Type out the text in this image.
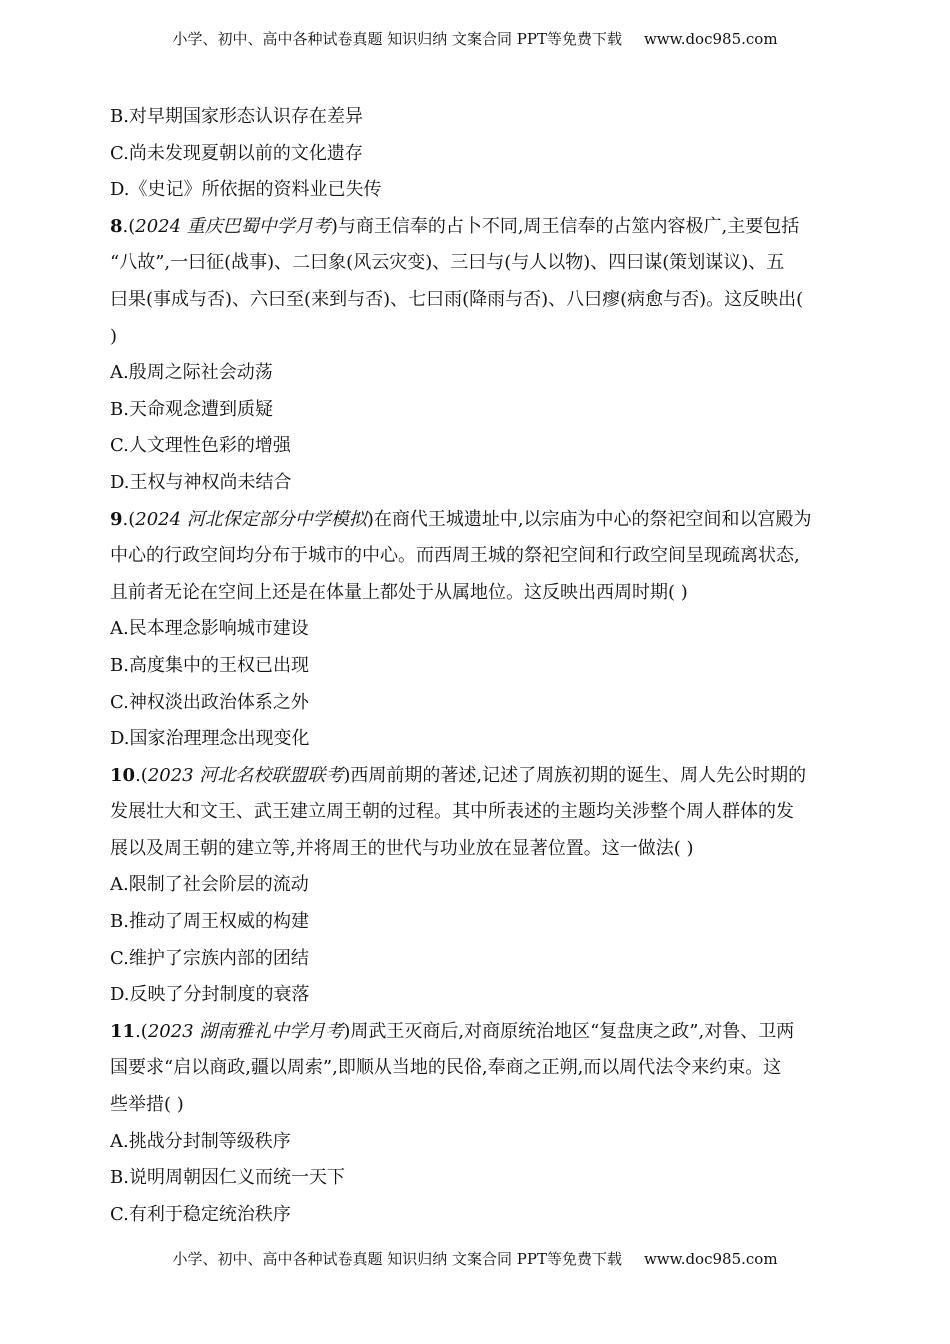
小学、初中、高中各种试卷真题 知识归纳 文案合同 PPT等免费下载 www.doc985.com
B.对早期国家形态认识存在差异
C.尚未发现夏朝以前的文化遗存
D.《史记》所依据的资料业已失传
8.(2024 重庆巴蜀中学月考)与商王信奉的占卜不同,周王信奉的占筮内容极广,主要包括
“八故”,一曰征(战事)、二曰象(风云灾变)、三曰与(与人以物)、四曰谋(策划谋议)、五
曰果(事成与否)、六曰至(来到与否)、七曰雨(降雨与否)、八曰瘳(病愈与否)。这反映出(
)
A.殷周之际社会动荡
B.天命观念遭到质疑
C.人文理性色彩的增强
D.王权与神权尚未结合
9.(2024 河北保定部分中学模拟)在商代王城遗址中,以宗庙为中心的祭祀空间和以宫殿为
中心的行政空间均分布于城市的中心。而西周王城的祭祀空间和行政空间呈现疏离状态,
且前者无论在空间上还是在体量上都处于从属地位。这反映出西周时期( )
A.民本理念影响城市建设
B.高度集中的王权已出现
C.神权淡出政治体系之外
D.国家治理理念出现变化
10.(2023 河北名校联盟联考)西周前期的著述,记述了周族初期的诞生、周人先公时期的
发展壮大和文王、武王建立周王朝的过程。其中所表述的主题均关涉整个周人群体的发
展以及周王朝的建立等,并将周王的世代与功业放在显著位置。这一做法( )
A.限制了社会阶层的流动
B.推动了周王权威的构建
C.维护了宗族内部的团结
D.反映了分封制度的衰落
11.(2023 湖南雅礼中学月考)周武王灭商后,对商原统治地区“复盘庚之政”,对鲁、卫两
国要求“启以商政,疆以周索”,即顺从当地的民俗,奉商之正朔,而以周代法令来约束。这
些举措( )
A.挑战分封制等级秩序
B.说明周朝因仁义而统一天下
C.有利于稳定统治秩序
小学、初中、高中各种试卷真题 知识归纳 文案合同 PPT等免费下载 www.doc985.com
